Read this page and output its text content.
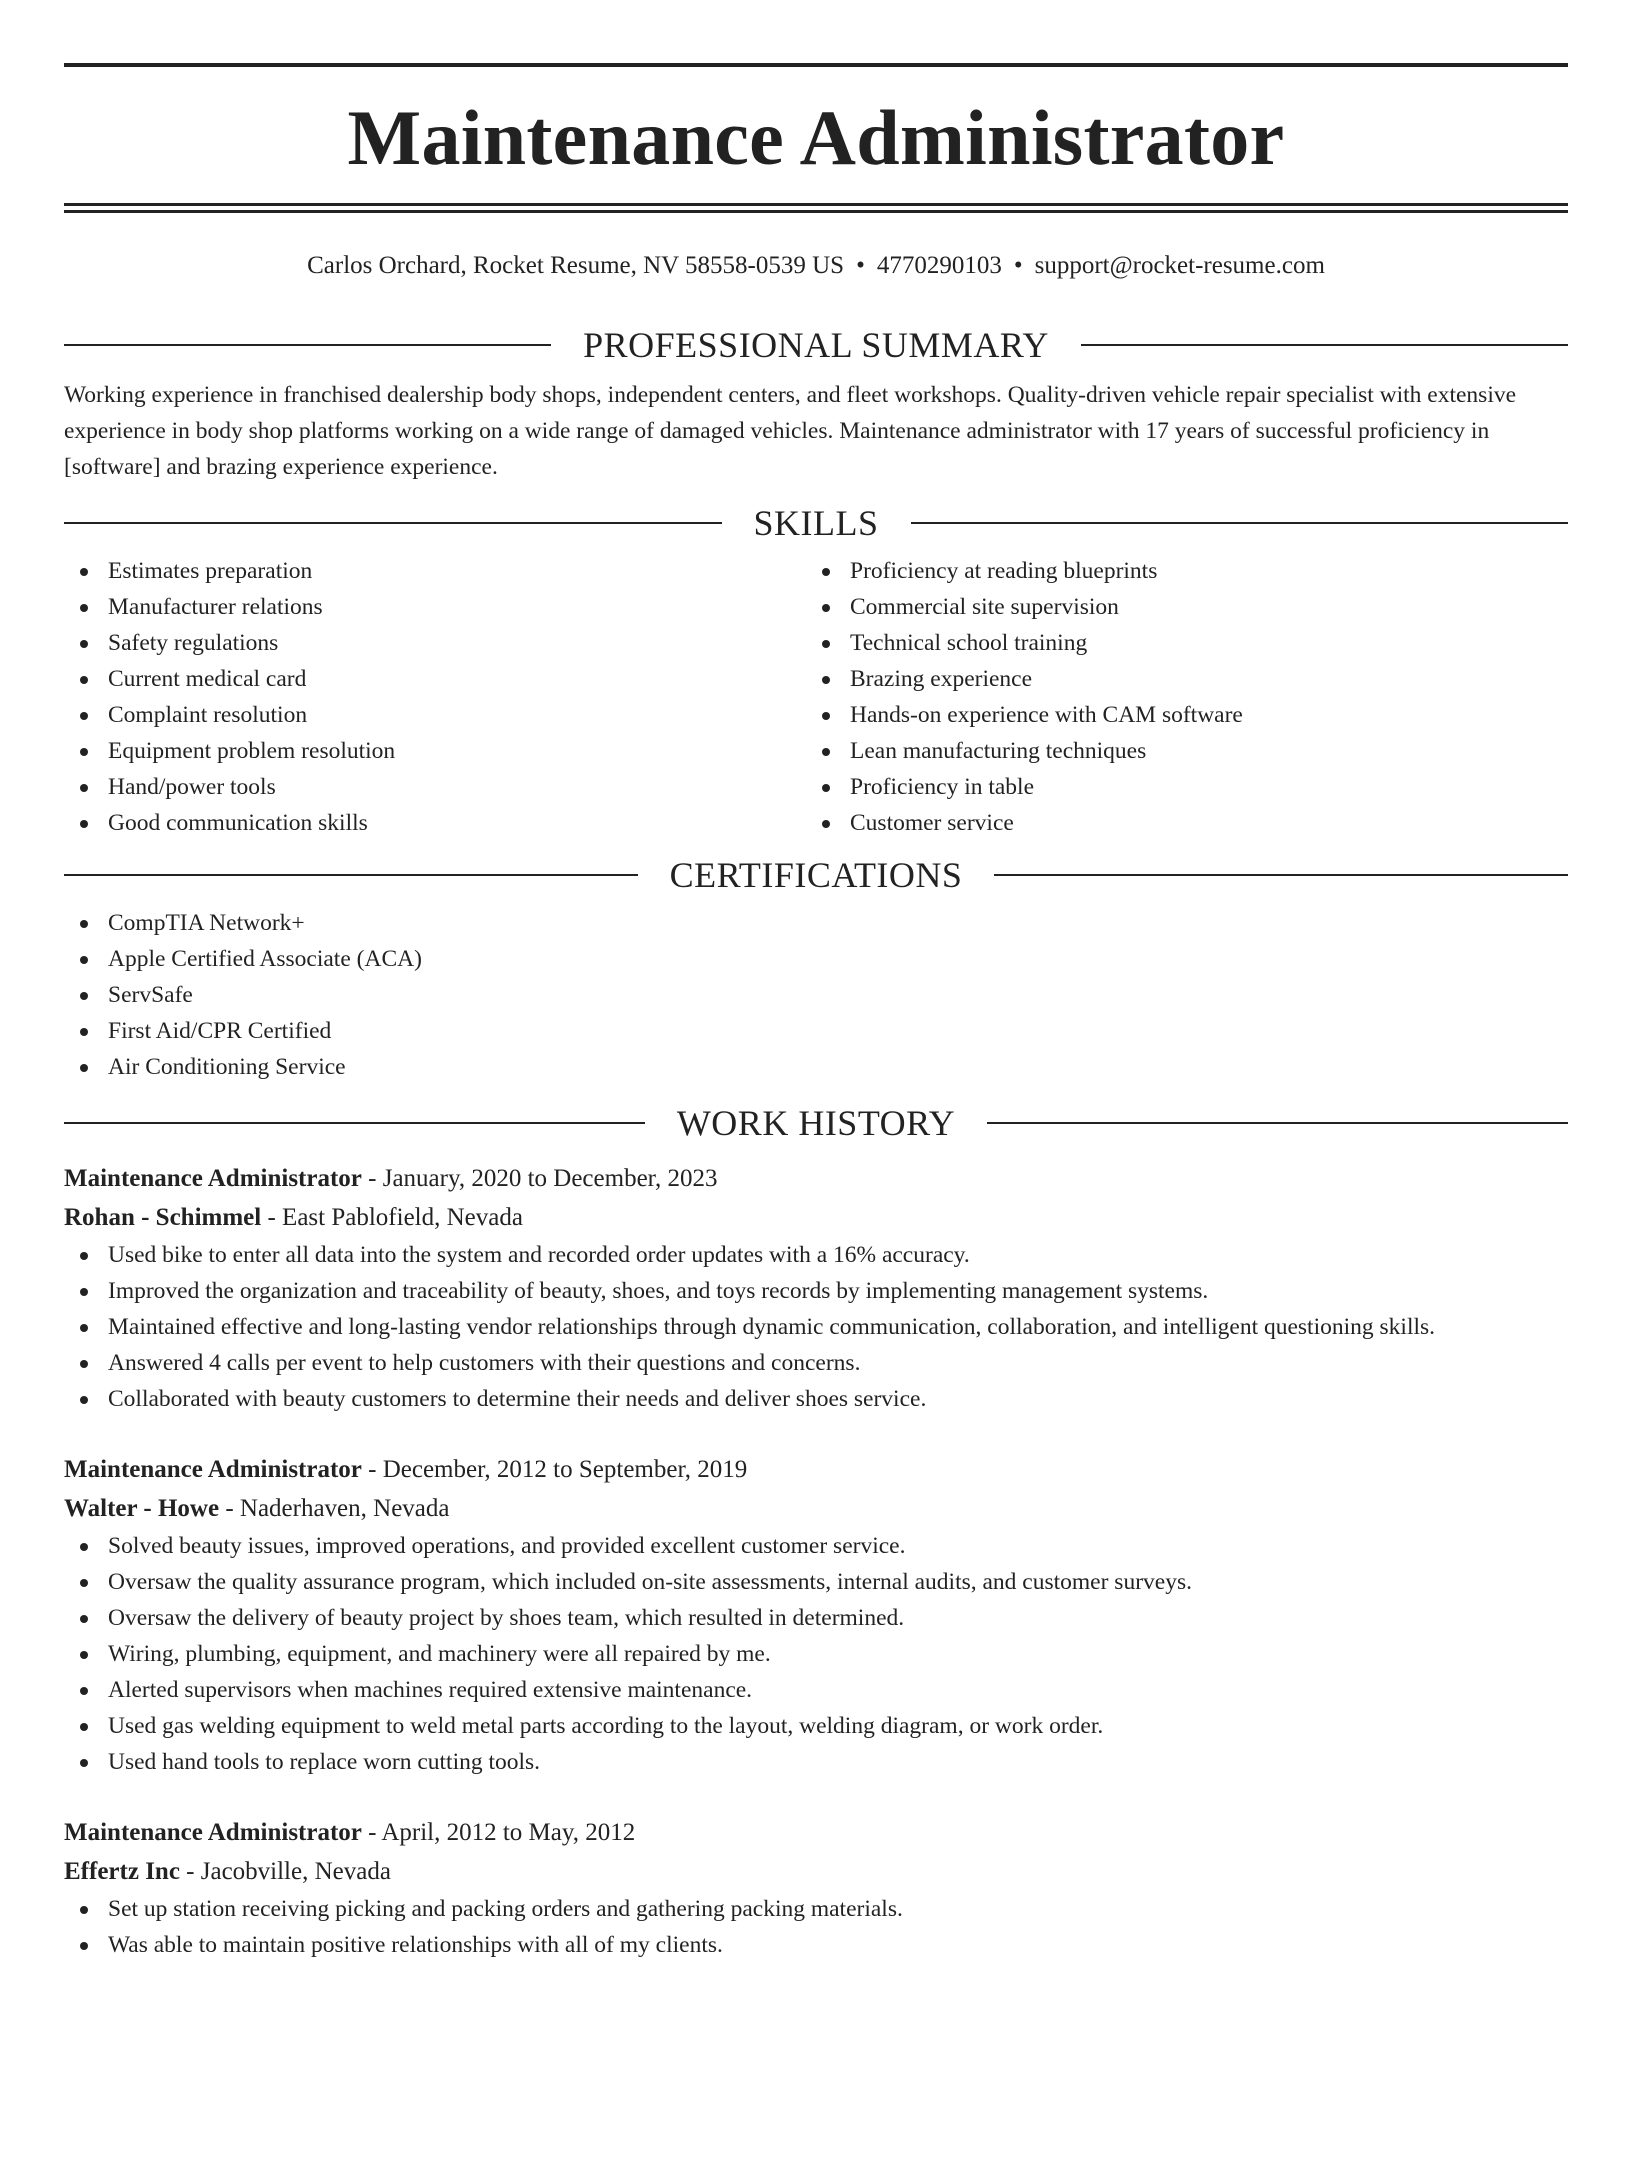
Maintenance Administrator
Carlos Orchard, Rocket Resume, NV 58558-0539 US • 4770290103 • support@rocket-resume.com
PROFESSIONAL SUMMARY

Working experience in franchised dealership body shops, independent centers, and fleet workshops. Quality-driven vehicle repair specialist with extensive experience in body shop platforms working on a wide range of damaged vehicles. Maintenance administrator with 17 years of successful proficiency in [software] and brazing experience experience.

SKILLS
Estimates preparation
Manufacturer relations
Safety regulations
Current medical card
Complaint resolution
Equipment problem resolution
Hand/power tools
Good communication skills
Proficiency at reading blueprints
Commercial site supervision
Technical school training
Brazing experience
Hands-on experience with CAM software
Lean manufacturing techniques
Proficiency in table
Customer service
CERTIFICATIONS
CompTIA Network+
Apple Certified Associate (ACA)
ServSafe
First Aid/CPR Certified
Air Conditioning Service
WORK HISTORY
Maintenance Administrator - January, 2020 to December, 2023
Rohan - Schimmel - East Pablofield, Nevada
Used bike to enter all data into the system and recorded order updates with a 16% accuracy.
Improved the organization and traceability of beauty, shoes, and toys records by implementing management systems.
Maintained effective and long-lasting vendor relationships through dynamic communication, collaboration, and intelligent questioning skills.
Answered 4 calls per event to help customers with their questions and concerns.
Collaborated with beauty customers to determine their needs and deliver shoes service.
Maintenance Administrator - December, 2012 to September, 2019
Walter - Howe - Naderhaven, Nevada
Solved beauty issues, improved operations, and provided excellent customer service.
Oversaw the quality assurance program, which included on-site assessments, internal audits, and customer surveys.
Oversaw the delivery of beauty project by shoes team, which resulted in determined.
Wiring, plumbing, equipment, and machinery were all repaired by me.
Alerted supervisors when machines required extensive maintenance.
Used gas welding equipment to weld metal parts according to the layout, welding diagram, or work order.
Used hand tools to replace worn cutting tools.
Maintenance Administrator - April, 2012 to May, 2012
Effertz Inc - Jacobville, Nevada
Set up station receiving picking and packing orders and gathering packing materials.
Was able to maintain positive relationships with all of my clients.
